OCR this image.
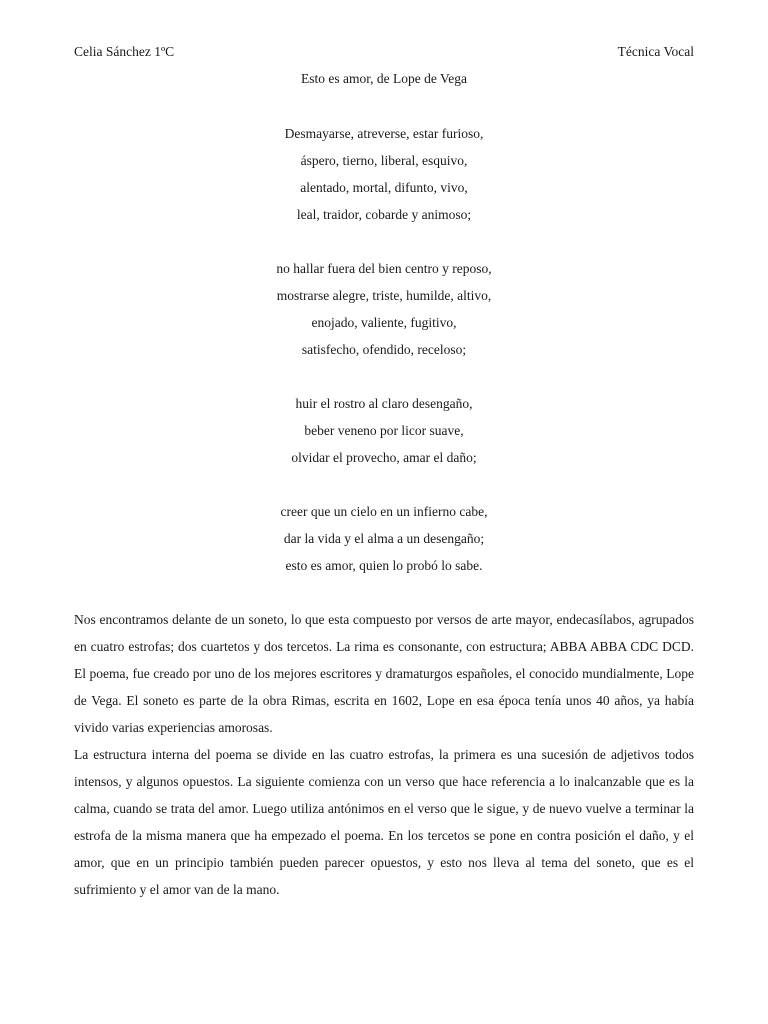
Celia Sánchez 1ºC	Técnica Vocal
Esto es amor, de Lope de Vega
Desmayarse, atreverse, estar furioso,
áspero, tierno, liberal, esquivo,
alentado, mortal, difunto, vivo,
leal, traidor, cobarde y animoso;
no hallar fuera del bien centro y reposo,
mostrarse alegre, triste, humilde, altivo,
enojado, valiente, fugitivo,
satisfecho, ofendido, receloso;
huir el rostro al claro desengaño,
beber veneno por licor suave,
olvidar el provecho, amar el daño;
creer que un cielo en un infierno cabe,
dar la vida y el alma a un desengaño;
esto es amor, quien lo probó lo sabe.

Nos encontramos delante de un soneto, lo que esta compuesto por versos de arte mayor, endecasílabos, agrupados en cuatro estrofas; dos cuartetos y dos tercetos. La rima es consonante, con estructura; ABBA ABBA CDC DCD. El poema, fue creado por uno de los mejores escritores y dramaturgos españoles, el conocido mundialmente, Lope de Vega. El soneto es parte de la obra Rimas, escrita en 1602, Lope en esa época tenía unos 40 años, ya había vivido varias experiencias amorosas.

La estructura interna del poema se divide en las cuatro estrofas, la primera es una sucesión de adjetivos todos intensos, y algunos opuestos. La siguiente comienza con un verso que hace referencia a lo inalcanzable que es la calma, cuando se trata del amor. Luego utiliza antónimos en el verso que le sigue, y de nuevo vuelve a terminar la estrofa de la misma manera que ha empezado el poema. En los tercetos se pone en contra posición el daño, y el amor, que en un principio también pueden parecer opuestos, y esto nos lleva al tema del soneto, que es el sufrimiento y el amor van de la mano.
